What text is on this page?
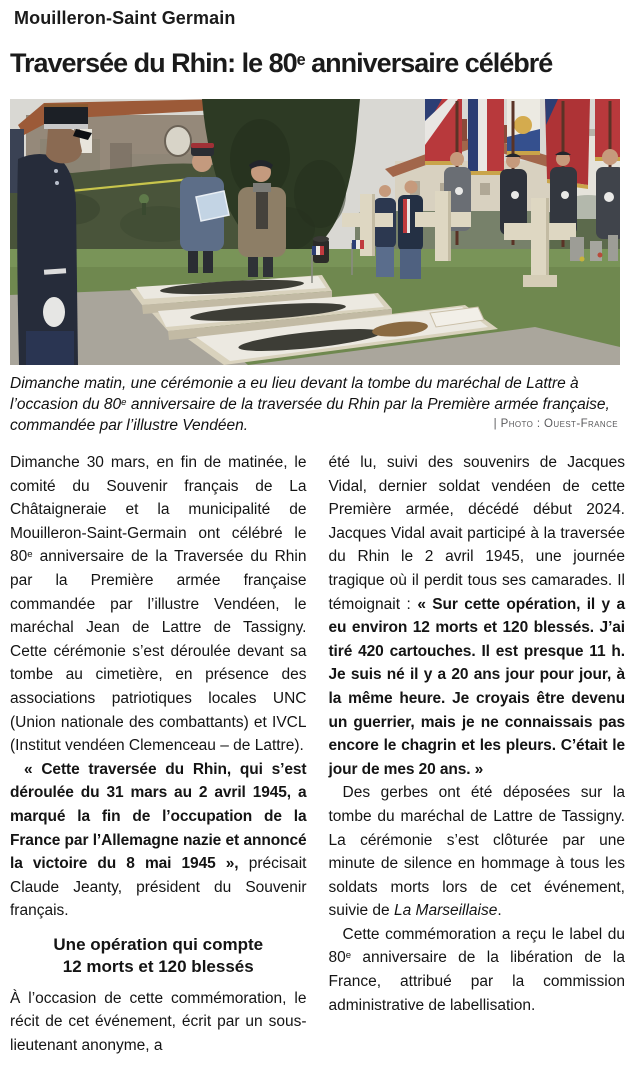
Mouilleron-Saint Germain
Traversée du Rhin: le 80e anniversaire célébré
Dimanche matin, une cérémonie a eu lieu devant la tombe du maréchal de Lattre à l’occasion du 80e anniversaire de la traversée du Rhin par la Première armée française, commandée par l’illustre Vendéen.	| Photo : Ouest-France

Dimanche 30 mars, en fin de matinée, le comité du Souvenir français de La Châtaigneraie et la municipalité de Mouilleron-Saint-Germain ont célébré le 80e anniversaire de la Traversée du Rhin par la Première armée française commandée par l’illustre Vendéen, le maréchal Jean de Lattre de Tassigny. Cette cérémonie s’est déroulée devant sa tombe au cimetière, en présence des associations patriotiques locales UNC (Union nationale des combattants) et IVCL (Institut vendéen Clemenceau – de Lattre).

« Cette traversée du Rhin, qui s’est déroulée du 31 mars au 2 avril 1945, a marqué la fin de l’occupation de la France par l’Allemagne nazie et annoncé la victoire du 8 mai 1945 », précisait Claude Jeanty, président du Souvenir français.

Une opération qui compte
12 morts et 120 blessés

À l’occasion de cette commémoration, le récit de cet événement, écrit par un sous-lieutenant anonyme, a

été lu, suivi des souvenirs de Jacques Vidal, dernier soldat vendéen de cette Première armée, décédé début 2024. Jacques Vidal avait participé à la traversée du Rhin le 2 avril 1945, une journée tragique où il perdit tous ses camarades. Il témoignait : « Sur cette opération, il y a eu environ 12 morts et 120 blessés. J’ai tiré 420 cartouches. Il est presque 11 h. Je suis né il y a 20 ans jour pour jour, à la même heure. Je croyais être devenu un guerrier, mais je ne connaissais pas encore le chagrin et les pleurs. C’était le jour de mes 20 ans. »

Des gerbes ont été déposées sur la tombe du maréchal de Lattre de Tassigny. La cérémonie s’est clôturée par une minute de silence en hommage à tous les soldats morts lors de cet événement, suivie de La Marseillaise.

Cette commémoration a reçu le label du 80e anniversaire de la libération de la France, attribué par la commission administrative de labellisation.
